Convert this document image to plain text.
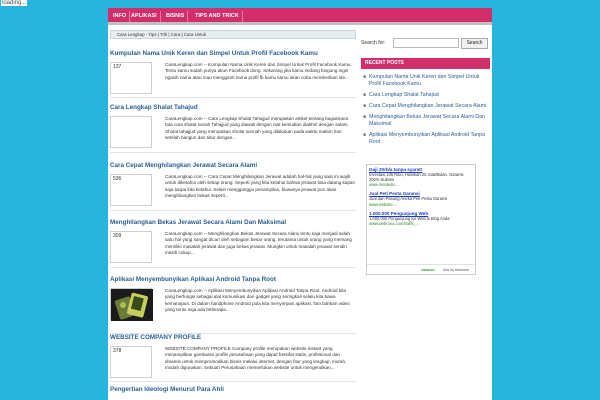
loading...
INFO APLIKASI	BISNIS	TIPS AND TRICK
Cara Lengkap - Tips | Trik | Cara | Cara Untuk
Kumpulan Nama Unik Keren dan Simpel Untuk Profil Facebook Kamu
137	CaraLengkap.com -- Kumpulan Nama Unik Keren dan Simpel Untuk Profil Facebook Kamu. Tentu kamu sudah punya akun Facebook dong. Sekarang jika kamu sedang bingung ingin ngasih nama atau mau mengganti nama profil fb kamu kamu akan coba memberikan ide...
Cara Lengkap Shalat Tahajud
CaraLengkap.com -- Cara Lengkap Shalat Tahajjud merupakan artikel tentang bagaimana tata cara shalat sunah Tahajjud yang diawali dengan niat kemudian diakhiri dengan salam. Sholat tahajjud yang merupakan sholat sunnah yang dilakukan pada waktu malam hari setelah bangun dari tidur dengan...
Cara Cepat Menghilangkan Jerawat Secara Alami
536	CaraLengkap.com -- Cara Cepat Menghilangkan Jerawat adalah hal-hal yang saat ini wajib untuk diketahui oleh setiap orang. Seperti yang kita ketahui bahwa jerawat bisa datang kapan saja tanpa kita ketahui. Selain mengganggu penampilan, biasanya jerawat pun akan menghilangkan bekas seperti...
Menghilangkan Bekas Jerawat Secara Alami Dan Maksimal
309	CaraLengkap.com -- Menghilangkan Bekas Jerawat Secara Alami tentu saja menjadi salah satu hal yang sangat dicari oleh sebagian besar orang, terutama untuk orang yang memang memiliki masalah jerawat dan juga bekas jerawat. Mungkin untuk masalah jerawat sendiri masih cukup...
Aplikasi Menyembunyikan Aplikasi Android Tanpa Root
CaraLengkap.com -- Aplikasi Menyembunyikan Aplikasi Android Tanpa Root. Android kita yang berfungsi sebagai alat komunikasi dan gadget yang seringkali selalu kita bawa kemanapun. Di dalam handphone Android pula kita menyimpan aplikasi, foto bahkan video yang tentu saja ada beberapa...
WEBSITE COMPANY PROFILE
378	WEBSITE COMPANY PROFILE Company profile merupakan website instant yang menampilkan gambaran profile perusahaan yang dapat bersifat statis, profesional dan dinamis untuk mempromosikan bisnis melalui internet, dengan fitur yang lengkap, murah, mudah digunakan. Sebuah Perusahaan memerlukan website untuk mengenalkan...
Pengertian Ideologi Menurut Para Ahli
Search for:	Search
RECENT POSTS
■ Kumpulan Nama Unik Keren dan Simpel Untuk Profil Facebook Kamu
■ Cara Lengkap Shalat Tahajud
■ Cara Cepat Menghilangkan Jerawat Secara Alami
■ Menghilangkan Bekas Jerawat Secara Alami Dan Maksimal
■ Aplikasi Menyembunyikan Aplikasi Android Tanpa Root
Gaji 20rb/a tanpa syarat!
Investasi 105 Ribu, Hasilkan 20 Juta/Bulan. Garansi 200% Sukses
www.meutedu...
Jual Peti Pesta Garansi
Jual dan Pasang Aneka Peti Pesta Garansi
www.website...
1.000.000 Pengunjung Web
1.000.000 Pengunjung Ke Web & Blog Anda
www.webrona.com/traffic_...
cibalum Ads by Adsense
